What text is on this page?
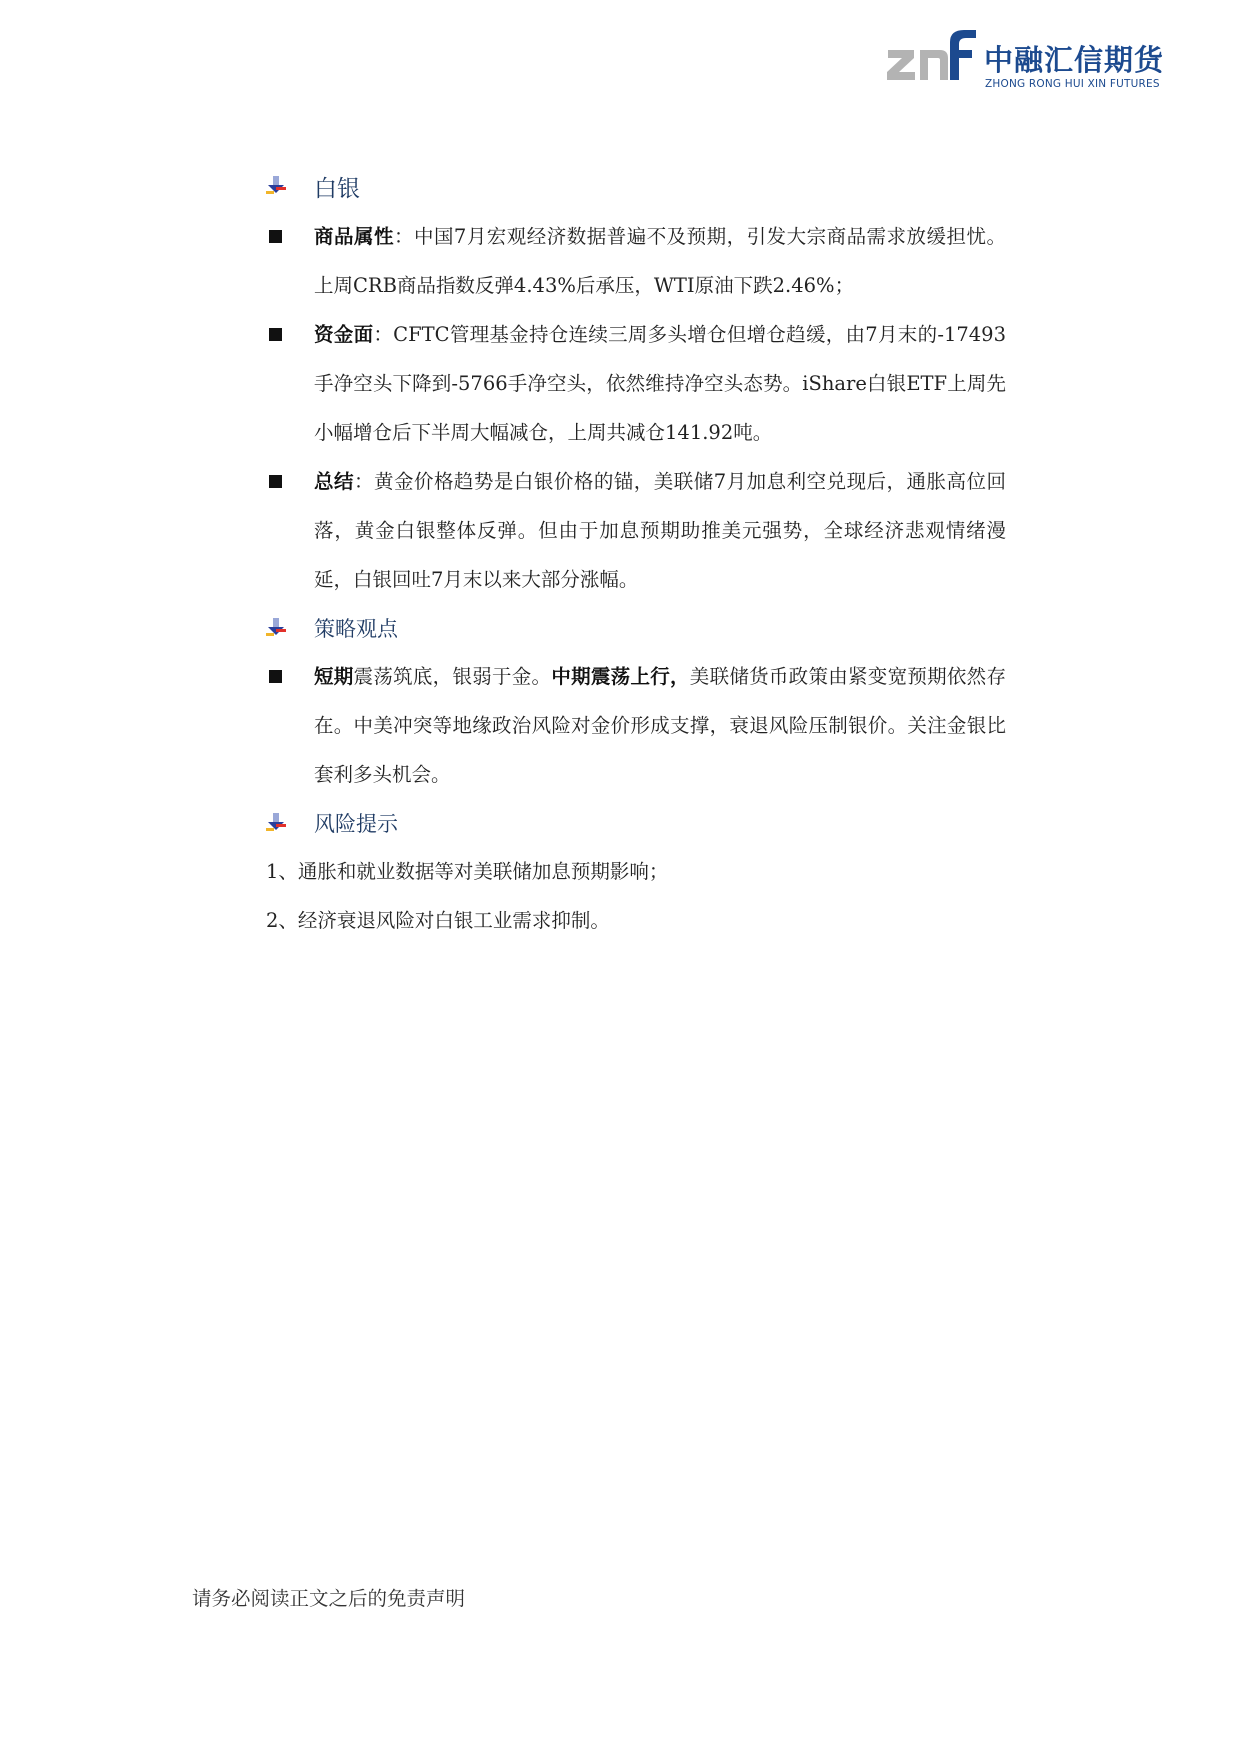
中融汇信期货
ZHONG RONG HUI XIN FUTURES
白银
商品属性：中国7月宏观经济数据普遍不及预期，引发大宗商品需求放缓担忧。上周CRB商品指数反弹4.43%后承压，WTI原油下跌2.46%；
资金面：CFTC管理基金持仓连续三周多头增仓但增仓趋缓，由7月末的-17493手净空头下降到-5766手净空头，依然维持净空头态势。iShare白银ETF上周先小幅增仓后下半周大幅减仓，上周共减仓141.92吨。
总结：黄金价格趋势是白银价格的锚，美联储7月加息利空兑现后，通胀高位回落，黄金白银整体反弹。但由于加息预期助推美元强势，全球经济悲观情绪漫延，白银回吐7月末以来大部分涨幅。
策略观点
短期震荡筑底，银弱于金。中期震荡上行，美联储货币政策由紧变宽预期依然存在。中美冲突等地缘政治风险对金价形成支撑，衰退风险压制银价。关注金银比套利多头机会。
风险提示
1、通胀和就业数据等对美联储加息预期影响；
2、经济衰退风险对白银工业需求抑制。
请务必阅读正文之后的免责声明
